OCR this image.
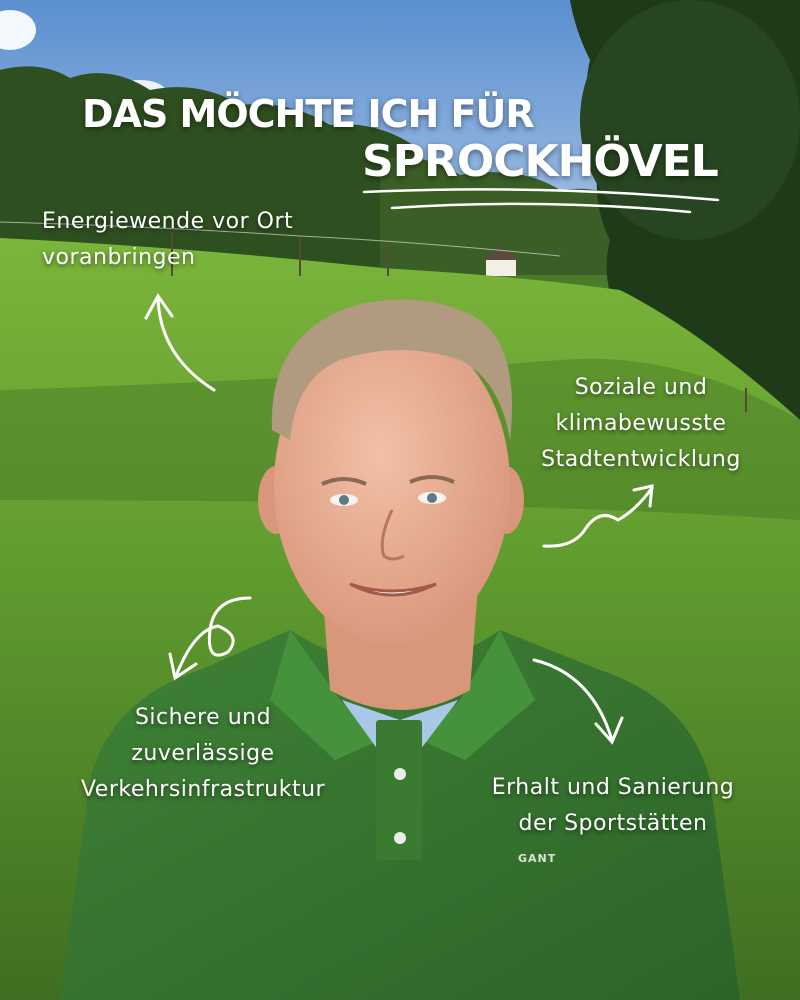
DAS MÖCHTE ICH FÜR
SPROCKHÖVEL
Energiewende vor Ort
voranbringen
Soziale und
klimabewusste
Stadtentwicklung
Sichere und
zuverlässige
Verkehrsinfrastruktur	Erhalt und Sanierung
der Sportstätten
GANT
